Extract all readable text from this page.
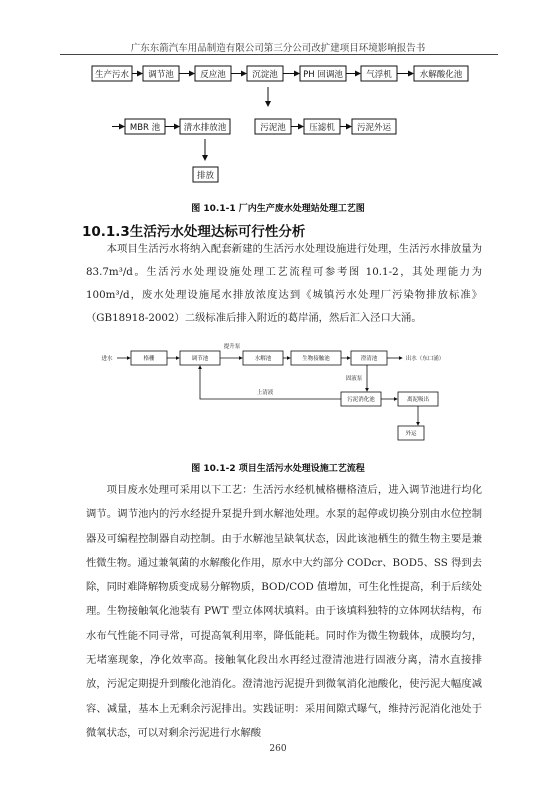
广东东箭汽车用品制造有限公司第三分公司改扩建项目环境影响报告书
生产污水 调节池	反应池	沉淀池	PH 回调池	气浮机	水解酸化池
MBR 池	清水排放池	污泥池	压滤机	污泥外运
排放
图 10.1-1 厂内生产废水处理站处理工艺图
10.1.3生活污水处理达标可行性分析
本项目生活污水将纳入配套新建的生活污水处理设施进行处理，生活污水排放量为 83.7m³/d。生活污水处理设施处理工艺流程可参考图 10.1-2，其处理能力为100m³/d，废水处理设施尾水排放浓度达到《城镇污水处理厂污染物排放标准》（GB18918-2002）二级标准后排入附近的葛岸涌，然后汇入泾口大涌。
进水	格栅	调节池
提升泵
水解池	生物接触池	澄清池	出水（东口涌）
固液泵
上清液
污泥消化池	离泥吸出
外运
图 10.1-2 项目生活污水处理设施工艺流程
项目废水处理可采用以下工艺：生活污水经机械格栅格渣后，进入调节池进行均化调节。调节池内的污水经提升泵提升到水解池处理。水泵的起停或切换分别由水位控制器及可编程控制器自动控制。由于水解池呈缺氧状态，因此该池栖生的微生物主要是兼性微生物。通过兼氧菌的水解酸化作用，原水中大约部分 CODcr、BOD5、SS 得到去除，同时难降解物质变成易分解物质，BOD/COD 值增加，可生化性提高，利于后续处理。生物接触氧化池装有 PWT 型立体网状填料。由于该填料独特的立体网状结构，布水布气性能不同寻常，可提高氧利用率，降低能耗。同时作为微生物载体，成膜均匀，无堵塞现象，净化效率高。接触氧化段出水再经过澄清池进行固液分离，清水直接排放，污泥定期提升到酸化池消化。澄清池污泥提升到微氧消化池酸化，使污泥大幅度减容、减量，基本上无剩余污泥排出。实践证明：采用间隙式曝气，维持污泥消化池处于微氧状态，可以对剩余污泥进行水解酸
260
